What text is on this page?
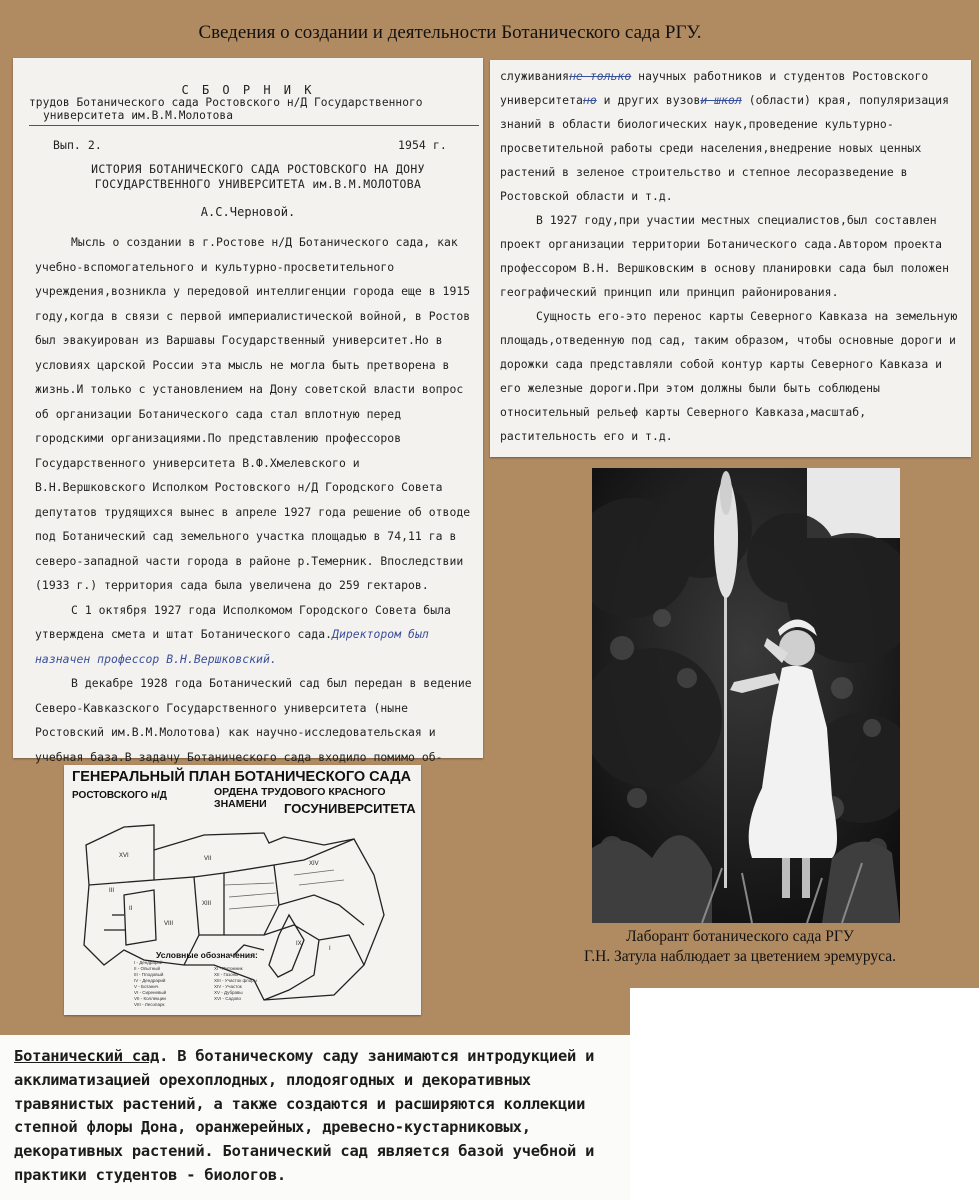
Сведения о создании и деятельности Ботанического сада РГУ.
С Б О Р Н И К
трудов Ботанического сада Ростовского н/Д Государственного
университета им.В.М.Молотова
Вып. 2.	1954 г.
ИСТОРИЯ БОТАНИЧЕСКОГО САДА РОСТОВСКОГО НА ДОНУ
ГОСУДАРСТВЕННОГО УНИВЕРСИТЕТА им.В.М.МОЛОТОВА
А.С.Черновой.

Мысль о создании в г.Ростове н/Д Ботанического сада, как учебно-вспомогательного и культурно-просветительного учреждения,возникла у передовой интеллигенции города еще в 1915 году,когда в связи с первой империалистической войной, в Ростов был эвакуирован из Варшавы Государственный университет.Но в условиях царской России эта мысль не могла быть претворена в жизнь.И только с установлением на Дону советской власти вопрос об организации Ботанического сада стал вплотную перед городскими организациями.По представлению профессоров Государственного университета В.Ф.Хмелевского и В.Н.Вершковского Исполком Ростовского н/Д Городского Совета депутатов трудящихся вынес в апреле 1927 года решение об отводе под Ботанический сад земельного участка площадью в 74,11 га в северо-западной части города в районе р.Темерник. Впоследствии (1933 г.) территория сада была увеличена до 259 гектаров.

С 1 октября 1927 года Исполкомом Городского Совета была утверждена смета и штат Ботанического сада.Директором был назначен профессор В.Н.Вершковский.

В декабре 1928 года Ботанический сад был передан в ведение Северо-Кавказского Государственного университета (ныне Ростовский им.В.М.Молотова) как научно-исследовательская и учебная база.В задачу Ботанического сада входило помимо об-

служиванияне только научных работников и студентов Ростовского университетано и других вузови школ (области) края, популяризация знаний в области биологических наук,проведение культурно-просветительной работы среди населения,внедрение новых ценных растений в зеленое строительство и степное лесоразведение в Ростовской области и т.д.

В 1927 году,при участии местных специалистов,был составлен проект организации территории Ботанического сада.Автором проекта профессором В.Н. Вершковским в основу планировки сада был положен географический принцип или принцип районирования.

Сущность его-это перенос карты Северного Кавказа на земельную площадь,отведенную под сад, таким образом, чтобы основные дороги и дорожки сада представляли собой контур карты Северного Кавказа и его железные дороги.При этом должны были быть соблюдены относительный рельеф карты Северного Кавказа,масштаб, растительность его и т.д.

Лаборант ботанического сада РГУ
Г.Н. Затула наблюдает за цветением эремуруса.
ГЕНЕРАЛЬНЫЙ ПЛАН БОТАНИЧЕСКОГО САДА РОСТОВСКОГО н/Д	ОРДЕНА ТРУДОВОГО КРАСНОГО ЗНАМЕНИ	ГОСУНИВЕРСИТЕТА
XVI
III
II
VII
XIII
VIII
XIV
IX
I
I - Дендрарий
II - Опытный
III - Плодовый
IV - Дендрарий
V - Ботанич.
VI - Сиреневый
VII - Коллекции
VIII - Лесопарк
XI - Питомник
XII - Газоны
XIII - Участок флоры
XIV - Участок
XV - Дубравы
XVI - Садово
Условные обозначения:
Ботанический сад. В ботаническому саду занимаются интродукцией и акклиматизацией орехоплодных, плодоягодных и декоративных травянистых растений, а также создаются и расширяются коллекции степной флоры Дона, оранжерейных, древесно-кустарниковых, декоративных растений. Ботанический сад является базой учебной и практики студентов - биологов.
